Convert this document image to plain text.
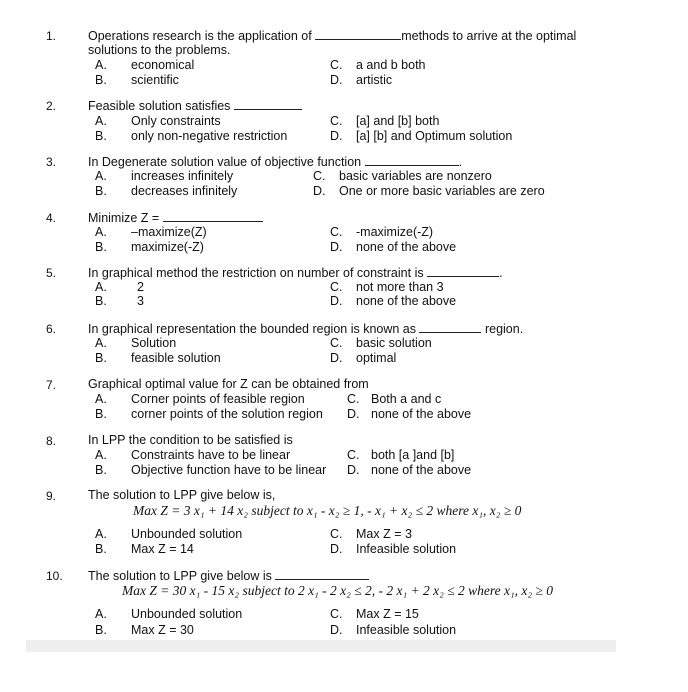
1.	Operations research is the application of	methods to arrive at the optimal
solutions to the problems.
A. economical
B. scientific
C. a and b both
D. artistic
2.	Feasible solution satisfies
A. Only constraints
B. only non-negative restriction
C. [a] and [b] both
D. [a] [b] and Optimum solution
3.	In Degenerate solution value of objective function	.
A. increases infinitely
B. decreases infinitely
C. basic variables are nonzero
D. One or more basic variables are zero
4.	Minimize Z =
A. –maximize(Z)
B. maximize(-Z)
C. -maximize(-Z)
D. none of the above
5.	In graphical method the restriction on number of constraint is	.
A. 2
B. 3
C. not more than 3
D. none of the above
6.	In graphical representation the bounded region is known as	region.
A. Solution
B. feasible solution
C. basic solution
D. optimal
7.	Graphical optimal value for Z can be obtained from
A. Corner points of feasible region
B. corner points of the solution region
C. Both a and c
D. none of the above
8.	In LPP the condition to be satisfied is
A. Constraints have to be linear
B. Objective function have to be linear
C. both [a ]and [b]
D. none of the above
9.	The solution to LPP give below is,
Max Z = 3 x₁ + 14 x₂ subject to x₁ - x₂ ≥ 1, - x₁ + x₂ ≤ 2 where x₁, x₂ ≥ 0
A. Unbounded solution
B. Max Z = 14
C. Max Z = 3
D. Infeasible solution
10. The solution to LPP give below is
Max Z = 30 x₁ - 15 x₂ subject to 2 x₁ - 2 x₂ ≤ 2, - 2 x₁ + 2 x₂ ≤ 2 where x₁, x₂ ≥ 0
A. Unbounded solution
B. Max Z = 30
C. Max Z = 15
D. Infeasible solution
